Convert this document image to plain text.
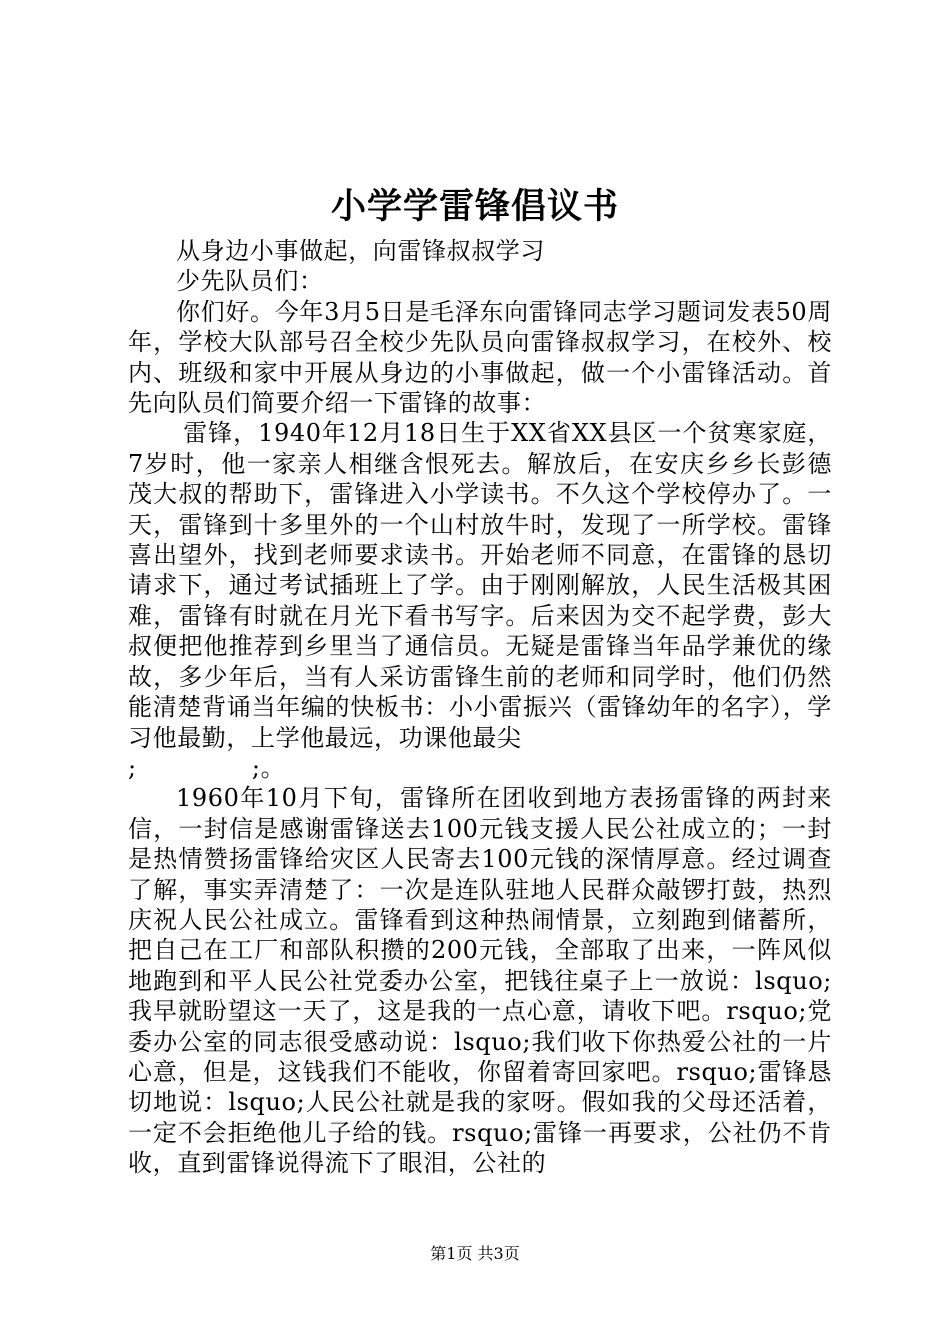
小学学雷锋倡议书

从身边小事做起，向雷锋叔叔学习

少先队员们：

你们好。今年3月5日是毛泽东向雷锋同志学习题词发表50周年，学校大队部号召全校少先队员向雷锋叔叔学习，在校外、校内、班级和家中开展从身边的小事做起，做一个小雷锋活动。首先向队员们简要介绍一下雷锋的故事：

雷锋，1940年12月18日生于XX省XX县区一个贫寒家庭，7岁时，他一家亲人相继含恨死去。解放后，在安庆乡乡长彭德茂大叔的帮助下，雷锋进入小学读书。不久这个学校停办了。一天，雷锋到十多里外的一个山村放牛时，发现了一所学校。雷锋喜出望外，找到老师要求读书。开始老师不同意，在雷锋的恳切请求下，通过考试插班上了学。由于刚刚解放，人民生活极其困难，雷锋有时就在月光下看书写字。后来因为交不起学费，彭大叔便把他推荐到乡里当了通信员。无疑是雷锋当年品学兼优的缘故，多少年后，当有人采访雷锋生前的老师和同学时，他们仍然能清楚背诵当年编的快板书：小小雷振兴（雷锋幼年的名字），学习他最勤，上学他最远，功课他最尖

;              ;。

1960年10月下旬，雷锋所在团收到地方表扬雷锋的两封来信，一封信是感谢雷锋送去100元钱支援人民公社成立的；一封是热情赞扬雷锋给灾区人民寄去100元钱的深情厚意。经过调查了解，事实弄清楚了：一次是连队驻地人民群众敲锣打鼓，热烈庆祝人民公社成立。雷锋看到这种热闹情景，立刻跑到储蓄所，把自己在工厂和部队积攒的200元钱，全部取了出来，一阵风似地跑到和平人民公社党委办公室，把钱往桌子上一放说：lsquo;我早就盼望这一天了，这是我的一点心意，请收下吧。rsquo;党委办公室的同志很受感动说：lsquo;我们收下你热爱公社的一片心意，但是，这钱我们不能收，你留着寄回家吧。rsquo;雷锋恳切地说：lsquo;人民公社就是我的家呀。假如我的父母还活着，一定不会拒绝他儿子给的钱。rsquo;雷锋一再要求，公社仍不肯收，直到雷锋说得流下了眼泪，公社的

第1页 共3页
